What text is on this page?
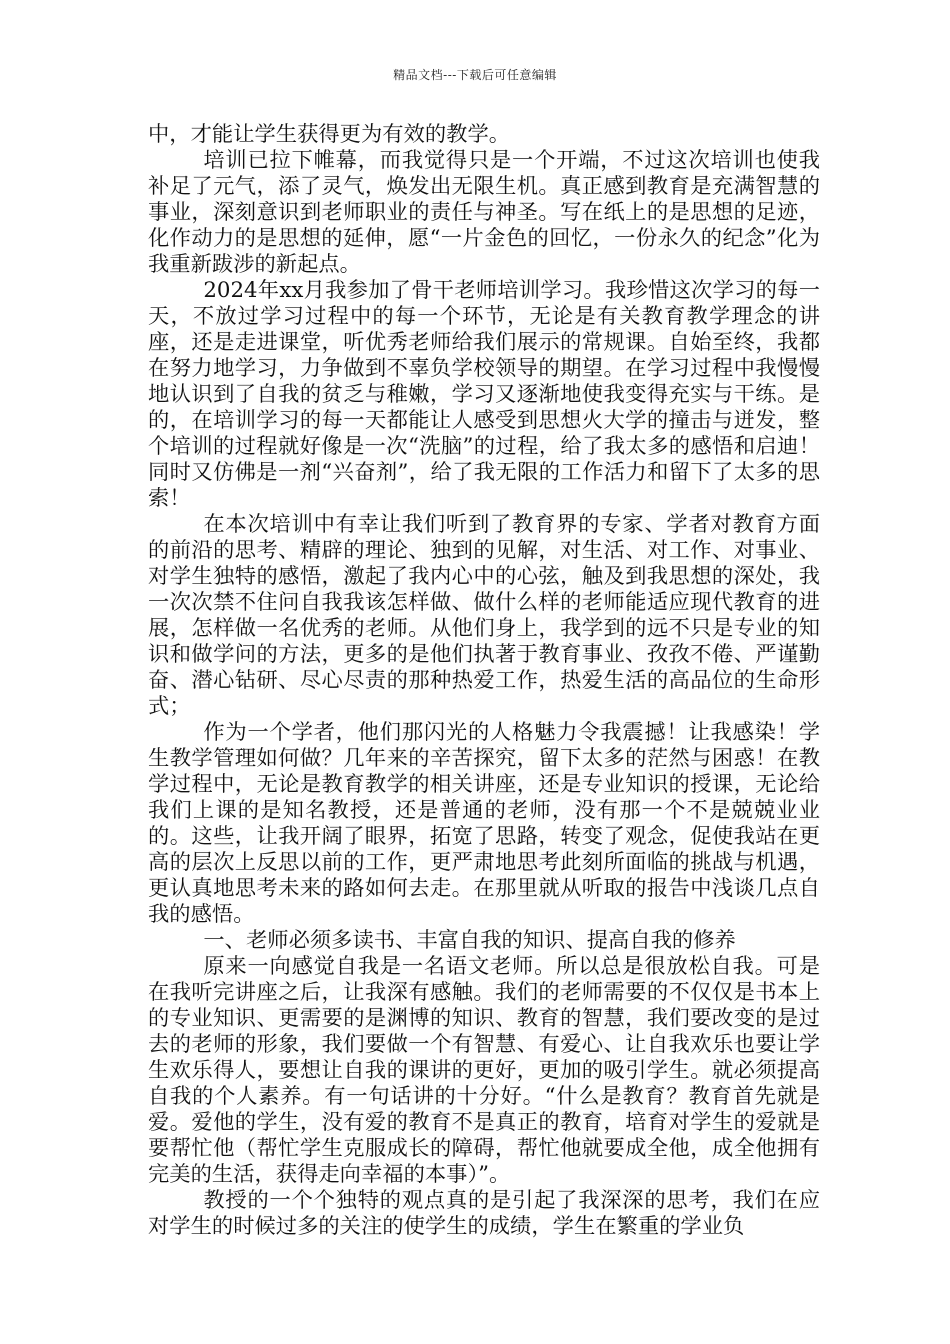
精品文档---下载后可任意编辑

中，才能让学生获得更为有效的教学。

培训已拉下帷幕，而我觉得只是一个开端，不过这次培训也使我补足了元气，添了灵气，焕发出无限生机。真正感到教育是充满智慧的事业，深刻意识到老师职业的责任与神圣。写在纸上的是思想的足迹，化作动力的是思想的延伸，愿“一片金色的回忆，一份永久的纪念”化为我重新跋涉的新起点。

2024年xx月我参加了骨干老师培训学习。我珍惜这次学习的每一天，不放过学习过程中的每一个环节，无论是有关教育教学理念的讲座，还是走进课堂，听优秀老师给我们展示的常规课。自始至终，我都在努力地学习，力争做到不辜负学校领导的期望。在学习过程中我慢慢地认识到了自我的贫乏与稚嫩，学习又逐渐地使我变得充实与干练。是的，在培训学习的每一天都能让人感受到思想火大学的撞击与迸发，整个培训的过程就好像是一次“洗脑”的过程，给了我太多的感悟和启迪！同时又仿佛是一剂“兴奋剂”，给了我无限的工作活力和留下了太多的思索！

在本次培训中有幸让我们听到了教育界的专家、学者对教育方面的前沿的思考、精辟的理论、独到的见解，对生活、对工作、对事业、对学生独特的感悟，激起了我内心中的心弦，触及到我思想的深处，我一次次禁不住问自我我该怎样做、做什么样的老师能适应现代教育的进展，怎样做一名优秀的老师。从他们身上，我学到的远不只是专业的知识和做学问的方法，更多的是他们执著于教育事业、孜孜不倦、严谨勤奋、潜心钻研、尽心尽责的那种热爱工作，热爱生活的高品位的生命形式；

作为一个学者，他们那闪光的人格魅力令我震撼！让我感染！学生教学管理如何做？几年来的辛苦探究，留下太多的茫然与困惑！在教学过程中，无论是教育教学的相关讲座，还是专业知识的授课，无论给我们上课的是知名教授，还是普通的老师，没有那一个不是兢兢业业的。这些，让我开阔了眼界，拓宽了思路，转变了观念，促使我站在更高的层次上反思以前的工作，更严肃地思考此刻所面临的挑战与机遇，更认真地思考未来的路如何去走。在那里就从听取的报告中浅谈几点自我的感悟。

一、老师必须多读书、丰富自我的知识、提高自我的修养

原来一向感觉自我是一名语文老师。所以总是很放松自我。可是在我听完讲座之后，让我深有感触。我们的老师需要的不仅仅是书本上的专业知识、更需要的是渊博的知识、教育的智慧，我们要改变的是过去的老师的形象，我们要做一个有智慧、有爱心、让自我欢乐也要让学生欢乐得人，要想让自我的课讲的更好，更加的吸引学生。就必须提高自我的个人素养。有一句话讲的十分好。“什么是教育？教育首先就是爱。爱他的学生，没有爱的教育不是真正的教育，培育对学生的爱就是要帮忙他（帮忙学生克服成长的障碍，帮忙他就要成全他，成全他拥有完美的生活，获得走向幸福的本事）”。

教授的一个个独特的观点真的是引起了我深深的思考，我们在应对学生的时候过多的关注的使学生的成绩，学生在繁重的学业负
